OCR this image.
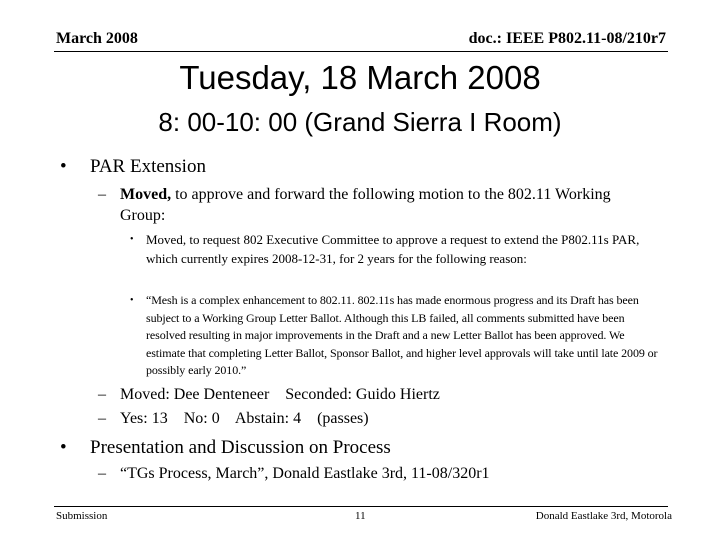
March 2008	doc.: IEEE P802.11-08/210r7
Tuesday, 18 March 2008
8: 00-10: 00 (Grand Sierra I Room)
• PAR Extension
– Moved, to approve and forward the following motion to the 802.11 Working Group:
• Moved, to request 802 Executive Committee to approve a request to extend the P802.11s PAR, which currently expires 2008-12-31, for 2 years for the following reason:
• “Mesh is a complex enhancement to 802.11. 802.11s has made enormous progress and its Draft has been subject to a Working Group Letter Ballot. Although this LB failed, all comments submitted have been resolved resulting in major improvements in the Draft and a new Letter Ballot has been approved. We estimate that completing Letter Ballot, Sponsor Ballot, and higher level approvals will take until late 2009 or possibly early 2010.”
– Moved: Dee Denteneer    Seconded: Guido Hiertz
– Yes: 13    No: 0    Abstain: 4    (passes)
• Presentation and Discussion on Process
– “TGs Process, March”, Donald Eastlake 3rd, 11-08/320r1
Submission	11	Donald Eastlake 3rd, Motorola
